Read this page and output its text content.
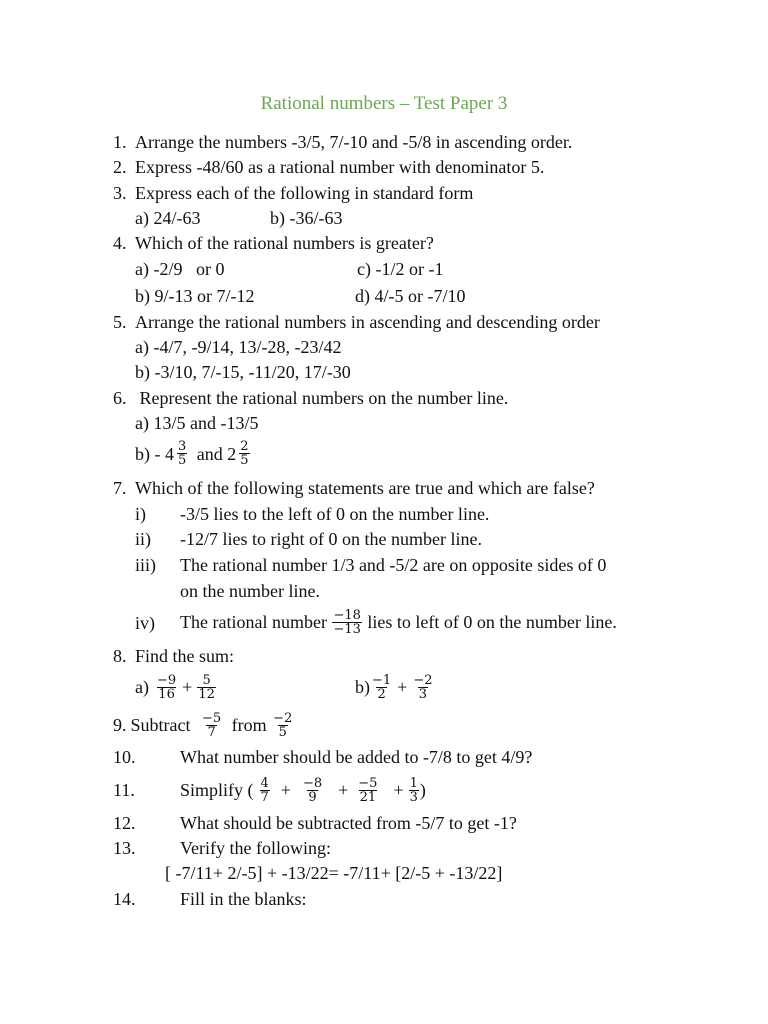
Rational numbers – Test Paper 3
1. Arrange the numbers -3/5, 7/-10 and -5/8 in ascending order.
2. Express -48/60 as a rational number with denominator 5.
3. Express each of the following in standard form
a) 24/-63	b) -36/-63
4. Which of the rational numbers is greater?
a) -2/9   or 0	c) -1/2 or -1
b) 9/-13 or 7/-12	d) 4/-5 or -7/10
5. Arrange the rational numbers in ascending and descending order
a) -4/7, -9/14, 13/-28, -23/42
b) -3/10, 7/-15, -11/20, 17/-30
6. Represent the rational numbers on the number line.
a) 13/5 and -13/5
$b) - 4 \frac{3}{5}$ and $2 \frac{2}{5}$
7. Which of the following statements are true and which are false?
i) -3/5 lies to the left of 0 on the number line.
ii) -12/7 lies to right of 0 on the number line.
iii) The rational number 1/3 and -5/2 are on opposite sides of 0
on the number line.
iv) The rational number $\frac{-18}{-13}$ lies to left of 0 on the number line.
8. Find the sum:
$a) \frac{-9}{16} + \frac{5}{12}$	$b) \frac{-1}{2} + \frac{-2}{3}$
9. Subtract $\frac{-5}{7}$ from $\frac{-2}{5}$
10. What number should be added to -7/8 to get 4/9?
11.	Simplify ( $\frac{4}{7} + \frac{-8}{9} + \frac{-5}{21} + \frac{1}{3}$ )
12. What should be subtracted from -5/7 to get -1?
13. Verify the following:
[ -7/11+ 2/-5] + -13/22= -7/11+ [2/-5 + -13/22]
14. Fill in the blanks:
